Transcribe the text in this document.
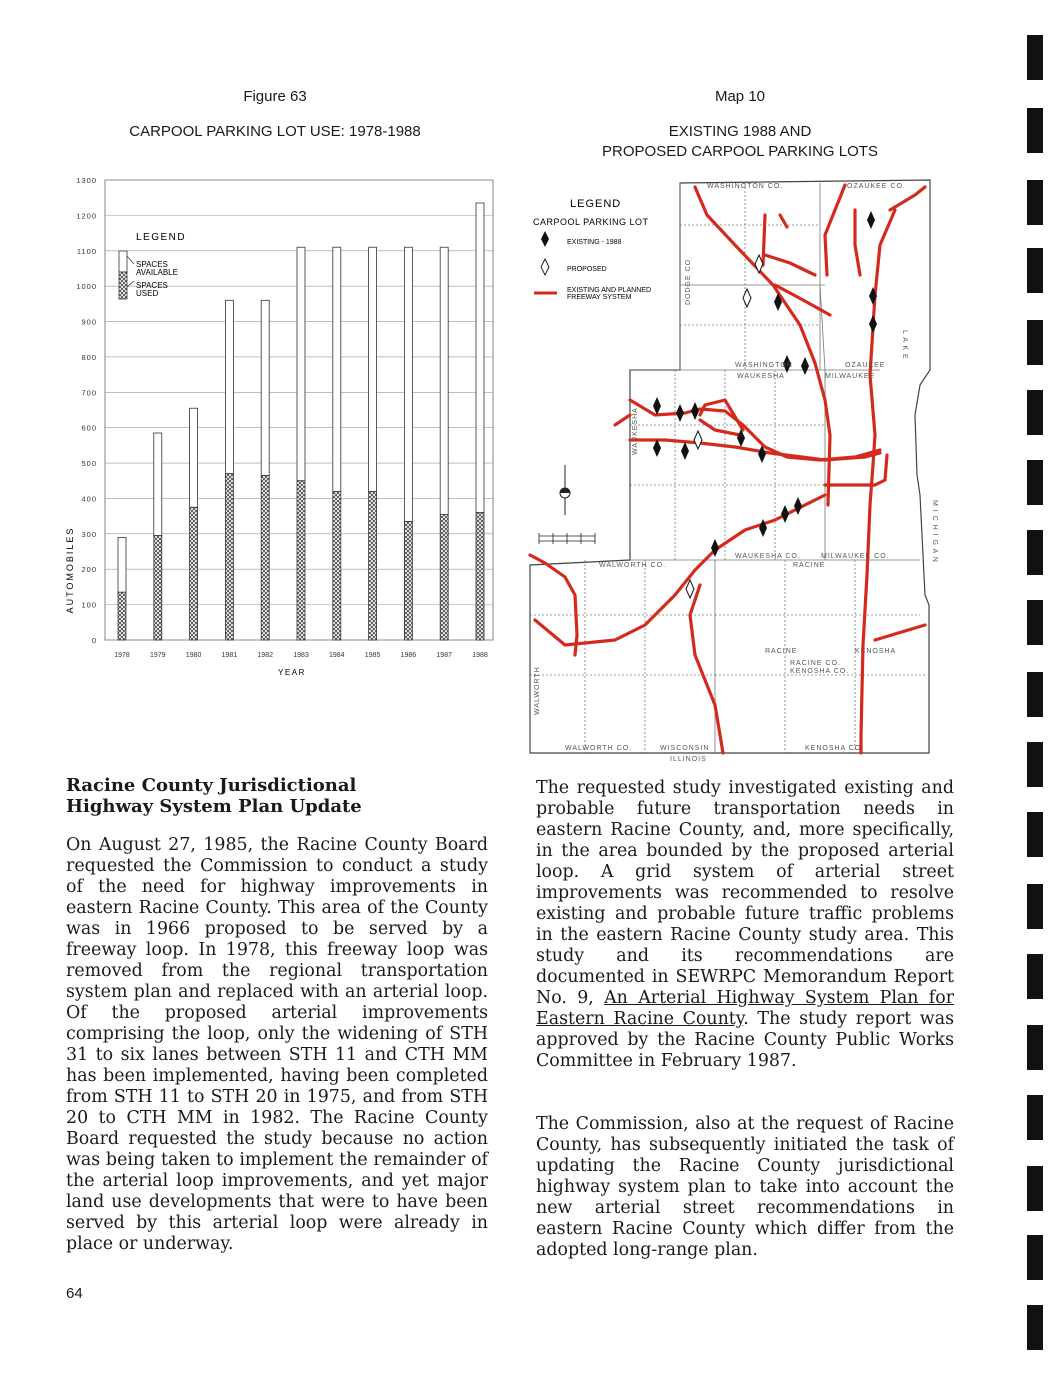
Figure 63
CARPOOL PARKING LOT USE: 1978-1988
Map 10
EXISTING 1988 AND
PROPOSED CARPOOL PARKING LOTS
0
100
200
300
400
500
600
700
800
900
1000
1100
1200
1300
1978	1979	1980	1981	1982	1983	1984	1985	1986	1987	1988
AUTOMOBILES
YEAR
LEGEND
SPACES
AVAILABLE
SPACES
USED
LEGEND
CARPOOL PARKING LOT
EXISTING - 1988
PROPOSED
EXISTING AND PLANNED
FREEWAY SYSTEM
WASHINGTON CO.	OZAUKEE CO.
WASHINGTON
WAUKESHA
OZAUKEE
MILWAUKEE
WAUKESHA CO.	MILWAUKEE CO.
RACINE
WALWORTH CO.
RACINE CO.
KENOSHA CO.
WALWORTH CO.	WISCONSIN
ILLINOIS
KENOSHA CO.
L A K E
M I C H I G A N
WAUKESHA
WALWORTH
DODGE CO.
RACINE	KENOSHA
Racine County Jurisdictional
Highway System Plan Update

On August 27, 1985, the Racine County Board requested the Commission to conduct a study of the need for highway improvements in eastern Racine County. This area of the County was in 1966 proposed to be served by a freeway loop. In 1978, this freeway loop was removed from the regional transportation system plan and replaced with an arterial loop. Of the proposed arterial improvements comprising the loop, only the widening of STH 31 to six lanes between STH 11 and CTH MM has been implemented, having been completed from STH 11 to STH 20 in 1975, and from STH 20 to CTH MM in 1982. The Racine County Board requested the study because no action was being taken to implement the remainder of the arterial loop improvements, and yet major land use developments that were to have been served by this arterial loop were already in place or underway.

The requested study investigated existing and probable future transportation needs in eastern Racine County, and, more specifically, in the area bounded by the proposed arterial loop. A grid system of arterial street improvements was recommended to resolve existing and probable future traffic problems in the eastern Racine County study area. This study and its recommendations are documented in SEWRPC Memorandum Report No. 9, An Arterial Highway System Plan for Eastern Racine County. The study report was approved by the Racine County Public Works Committee in February 1987.

The Commission, also at the request of Racine County, has subsequently initiated the task of updating the Racine County jurisdictional highway system plan to take into account the new arterial street recommendations in eastern Racine County which differ from the adopted long-range plan.

64
